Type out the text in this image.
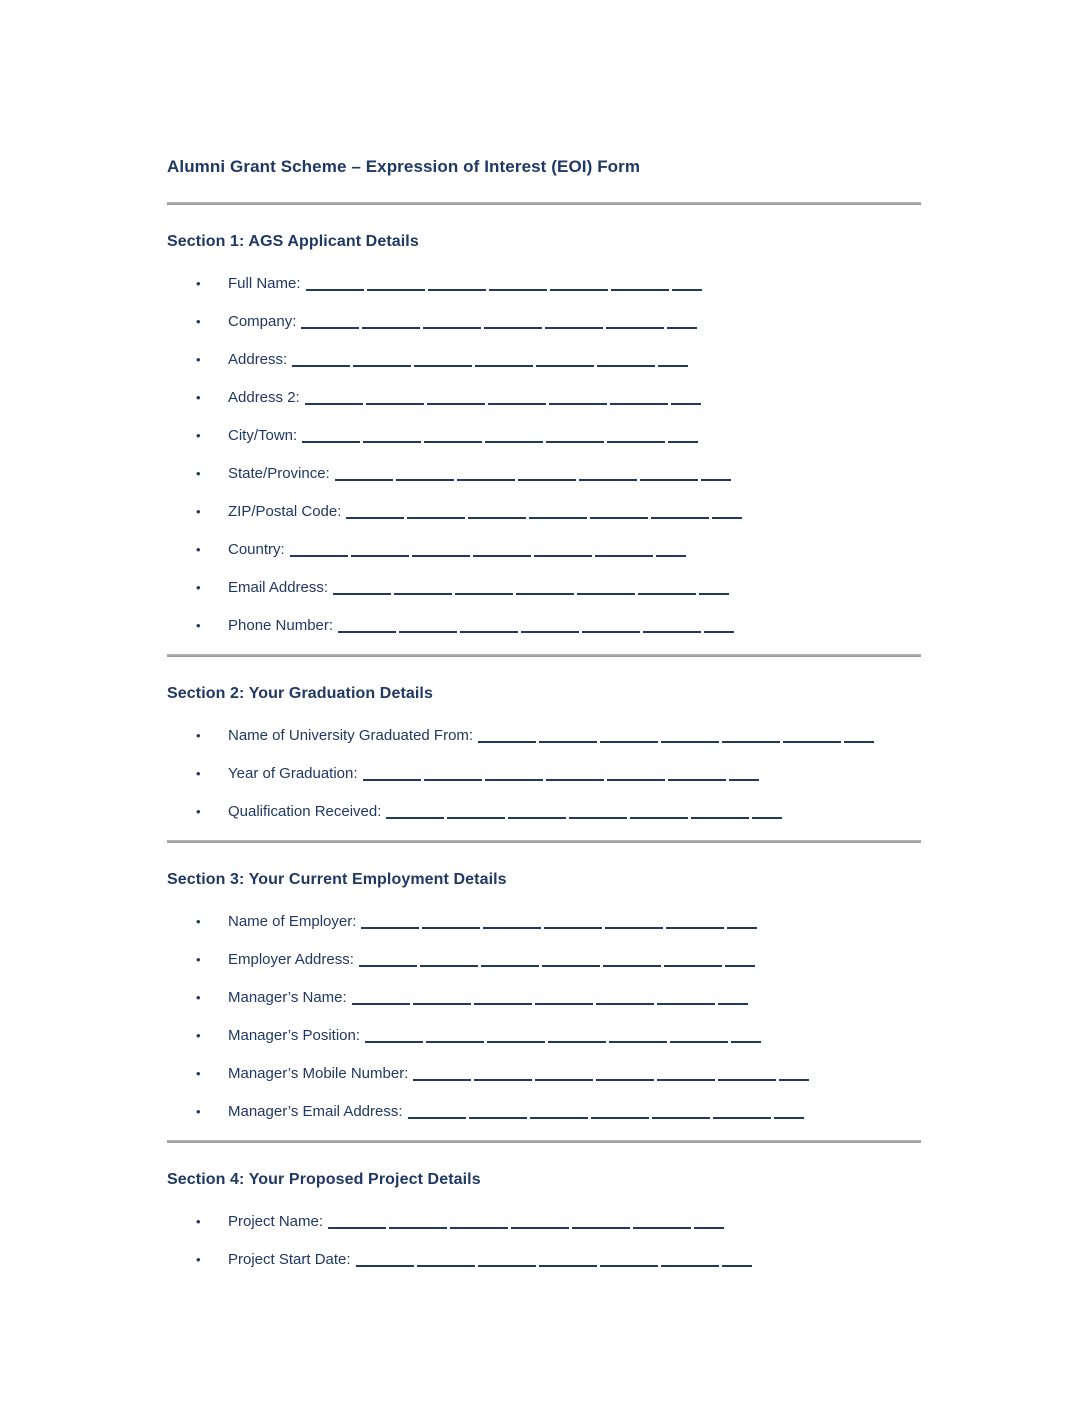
Alumni Grant Scheme – Expression of Interest (EOI) Form
Section 1: AGS Applicant Details
• Full Name:
• Company:
• Address:
• Address 2:
• City/Town:
• State/Province:
• ZIP/Postal Code:
• Country:
• Email Address:
• Phone Number:
Section 2: Your Graduation Details
• Name of University Graduated From:
• Year of Graduation:
• Qualification Received:
Section 3: Your Current Employment Details
• Name of Employer:
• Employer Address:
• Manager’s Name:
• Manager’s Position:
• Manager’s Mobile Number:
• Manager’s Email Address:
Section 4: Your Proposed Project Details
• Project Name:
• Project Start Date:
